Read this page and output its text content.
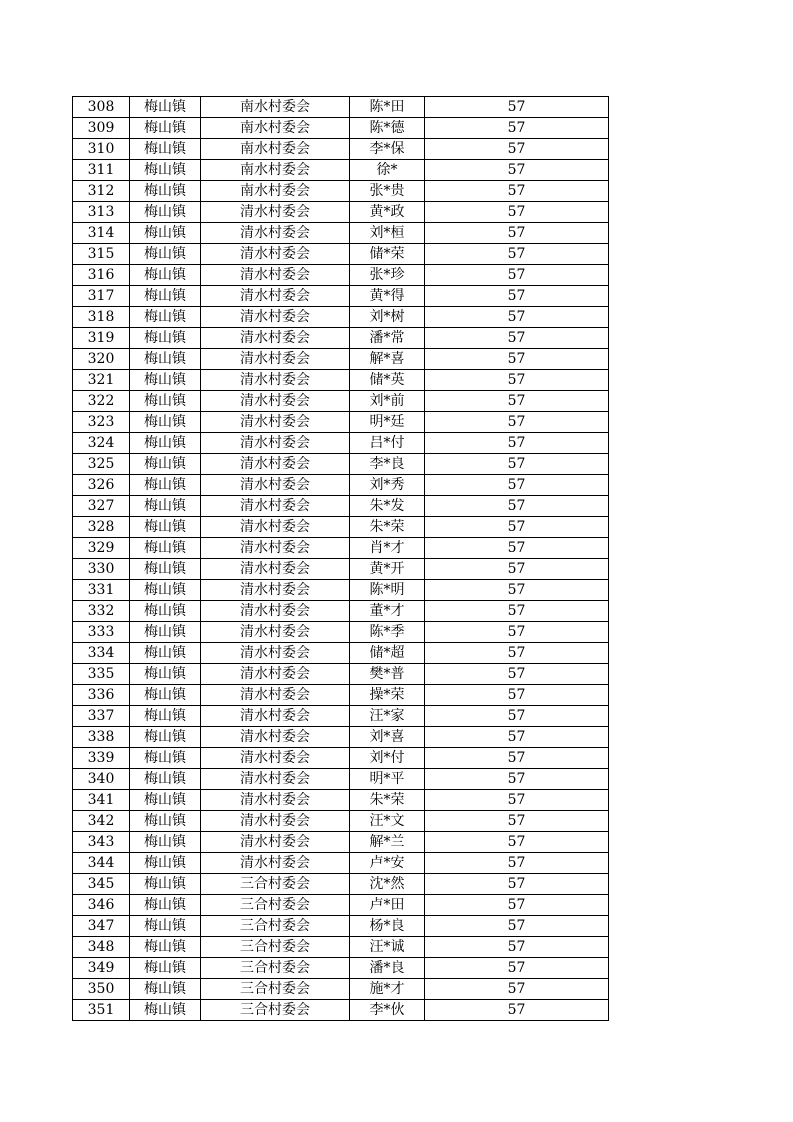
308	梅山镇	南水村委会	陈*田	57
309	梅山镇	南水村委会	陈*德	57
310	梅山镇	南水村委会	李*保	57
311	梅山镇	南水村委会	徐*	57
312	梅山镇	南水村委会	张*贵	57
313	梅山镇	清水村委会	黄*政	57
314	梅山镇	清水村委会	刘*桓	57
315	梅山镇	清水村委会	储*荣	57
316	梅山镇	清水村委会	张*珍	57
317	梅山镇	清水村委会	黄*得	57
318	梅山镇	清水村委会	刘*树	57
319	梅山镇	清水村委会	潘*常	57
320	梅山镇	清水村委会	解*喜	57
321	梅山镇	清水村委会	储*英	57
322	梅山镇	清水村委会	刘*前	57
323	梅山镇	清水村委会	明*廷	57
324	梅山镇	清水村委会	吕*付	57
325	梅山镇	清水村委会	李*良	57
326	梅山镇	清水村委会	刘*秀	57
327	梅山镇	清水村委会	朱*发	57
328	梅山镇	清水村委会	朱*荣	57
329	梅山镇	清水村委会	肖*才	57
330	梅山镇	清水村委会	黄*开	57
331	梅山镇	清水村委会	陈*明	57
332	梅山镇	清水村委会	董*才	57
333	梅山镇	清水村委会	陈*季	57
334	梅山镇	清水村委会	储*超	57
335	梅山镇	清水村委会	樊*普	57
336	梅山镇	清水村委会	操*荣	57
337	梅山镇	清水村委会	汪*家	57
338	梅山镇	清水村委会	刘*喜	57
339	梅山镇	清水村委会	刘*付	57
340	梅山镇	清水村委会	明*平	57
341	梅山镇	清水村委会	朱*荣	57
342	梅山镇	清水村委会	汪*文	57
343	梅山镇	清水村委会	解*兰	57
344	梅山镇	清水村委会	卢*安	57
345	梅山镇	三合村委会	沈*然	57
346	梅山镇	三合村委会	卢*田	57
347	梅山镇	三合村委会	杨*良	57
348	梅山镇	三合村委会	汪*诚	57
349	梅山镇	三合村委会	潘*良	57
350	梅山镇	三合村委会	施*才	57
351	梅山镇	三合村委会	李*伙	57
